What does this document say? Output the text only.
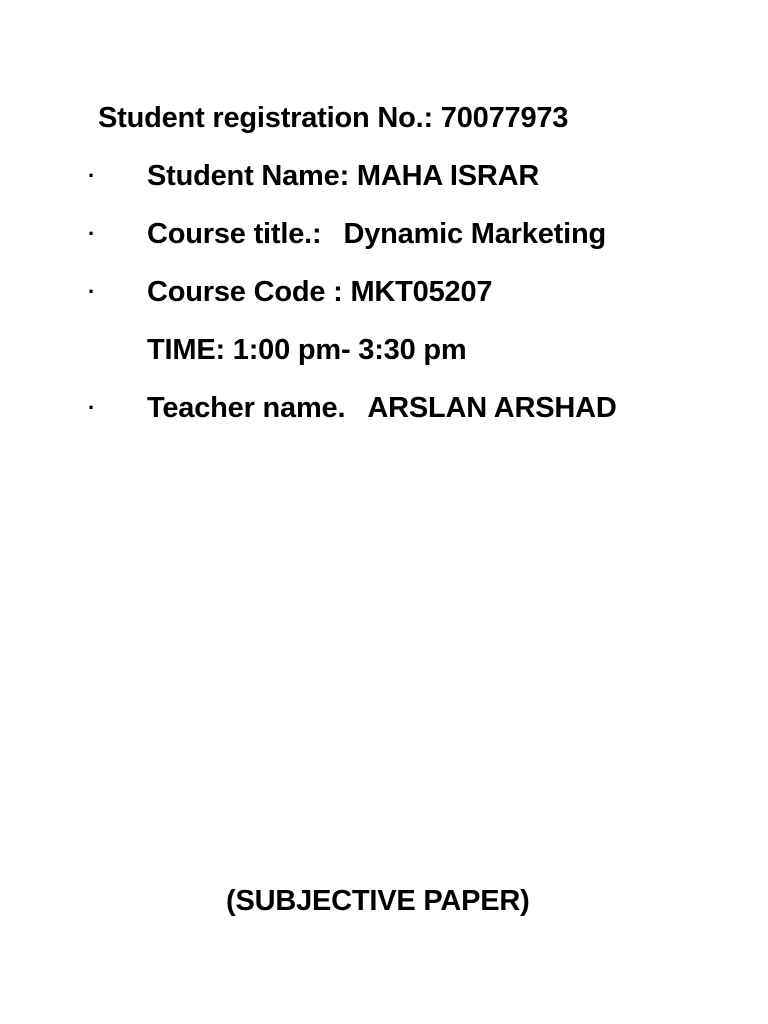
Student registration No.: 70077973
· Student Name: MAHA ISRAR
· Course title.: Dynamic Marketing
· Course Code : MKT05207
TIME: 1:00 pm- 3:30 pm
· Teacher name. ARSLAN ARSHAD
(SUBJECTIVE PAPER)
